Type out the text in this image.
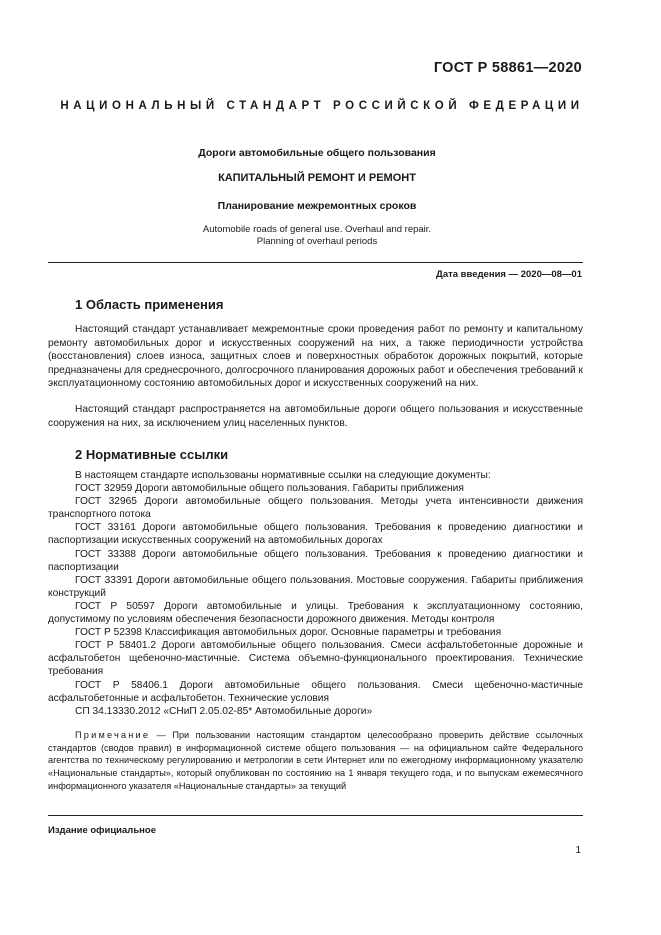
ГОСТ Р 58861—2020
НАЦИОНАЛЬНЫЙ СТАНДАРТ РОССИЙСКОЙ ФЕДЕРАЦИИ
Дороги автомобильные общего пользования
КАПИТАЛЬНЫЙ РЕМОНТ И РЕМОНТ
Планирование межремонтных сроков
Automobile roads of general use. Overhaul and repair.
Planning of overhaul periods
Дата введения — 2020—08—01
1 Область применения
Настоящий стандарт устанавливает межремонтные сроки проведения работ по ремонту и капитальному ремонту автомобильных дорог и искусственных сооружений на них, а также периодичности устройства (восстановления) слоев износа, защитных слоев и поверхностных обработок дорожных покрытий, которые предназначены для среднесрочного, долгосрочного планирования дорожных работ и обеспечения требований к эксплуатационному состоянию автомобильных дорог и искусственных сооружений на них.
Настоящий стандарт распространяется на автомобильные дороги общего пользования и искусственные сооружения на них, за исключением улиц населенных пунктов.
2 Нормативные ссылки

В настоящем стандарте использованы нормативные ссылки на следующие документы:

ГОСТ 32959 Дороги автомобильные общего пользования. Габариты приближения

ГОСТ 32965 Дороги автомобильные общего пользования. Методы учета интенсивности движения транспортного потока

ГОСТ 33161 Дороги автомобильные общего пользования. Требования к проведению диагностики и паспортизации искусственных сооружений на автомобильных дорогах

ГОСТ 33388 Дороги автомобильные общего пользования. Требования к проведению диагностики и паспортизации

ГОСТ 33391 Дороги автомобильные общего пользования. Мостовые сооружения. Габариты приближения конструкций

ГОСТ Р 50597 Дороги автомобильные и улицы. Требования к эксплуатационному состоянию, допустимому по условиям обеспечения безопасности дорожного движения. Методы контроля

ГОСТ Р 52398 Классификация автомобильных дорог. Основные параметры и требования

ГОСТ Р 58401.2 Дороги автомобильные общего пользования. Смеси асфальтобетонные дорожные и асфальтобетон щебеночно-мастичные. Система объемно-функционального проектирования. Технические требования

ГОСТ Р 58406.1 Дороги автомобильные общего пользования. Смеси щебеночно-мастичные асфальтобетонные и асфальтобетон. Технические условия

СП 34.13330.2012 «СНиП 2.05.02-85* Автомобильные дороги»

Примечание — При пользовании настоящим стандартом целесообразно проверить действие ссылочных стандартов (сводов правил) в информационной системе общего пользования — на официальном сайте Федерального агентства по техническому регулированию и метрологии в сети Интернет или по ежегодному информационному указателю «Национальные стандарты», который опубликован по состоянию на 1 января текущего года, и по выпускам ежемесячного информационного указателя «Национальные стандарты» за текущий
Издание официальное
1
